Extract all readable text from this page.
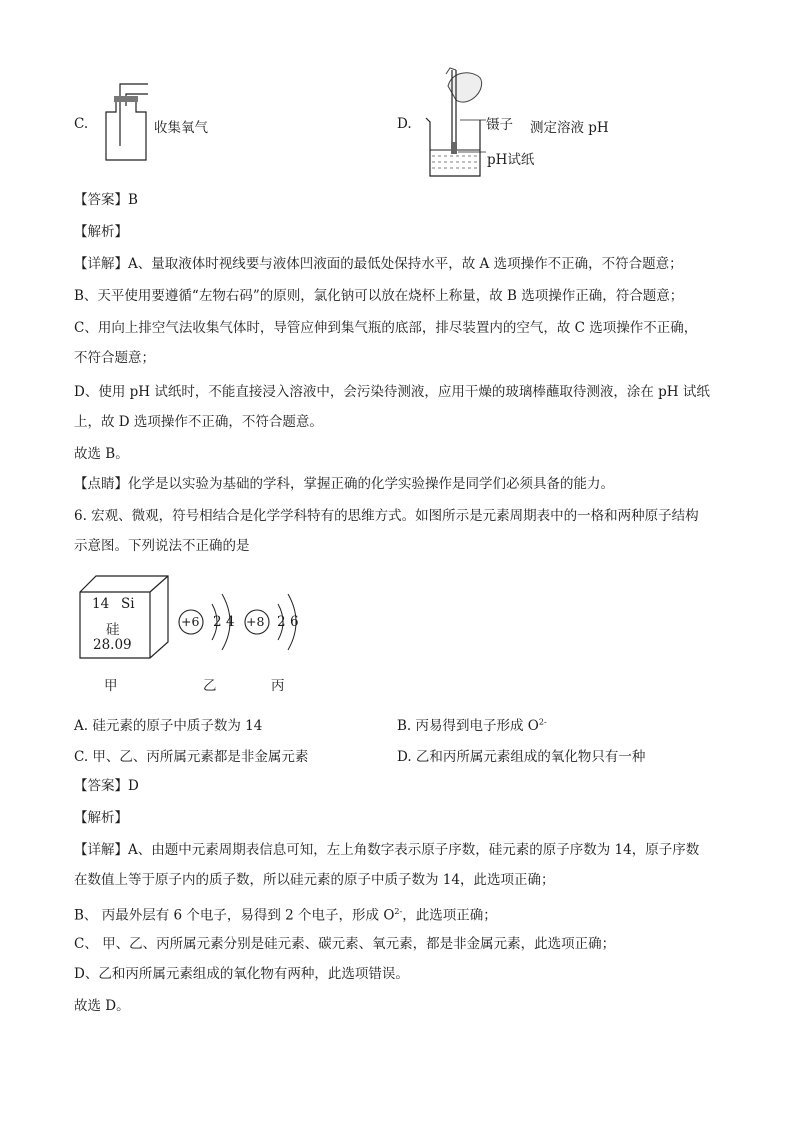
C.	收集氧气	D.	镊子 测定溶液 pH
pH试纸
【答案】B
【解析】
【详解】A、量取液体时视线要与液体凹液面的最低处保持水平，故 A 选项操作不正确，不符合题意；
B、天平使用要遵循“左物右码”的原则，氯化钠可以放在烧杯上称量，故 B 选项操作正确，符合题意；
C、用向上排空气法收集气体时，导管应伸到集气瓶的底部，排尽装置内的空气，故 C 选项操作不正确，
不符合题意；
D、使用 pH 试纸时，不能直接浸入溶液中，会污染待测液，应用干燥的玻璃棒蘸取待测液，涂在 pH 试纸
上，故 D 选项操作不正确，不符合题意。
故选 B。
【点睛】化学是以实验为基础的学科，掌握正确的化学实验操作是同学们必须具备的能力。
6. 宏观、微观，符号相结合是化学学科特有的思维方式。如图所示是元素周期表中的一格和两种原子结构
示意图。下列说法不正确的是
14 Si
硅
28.09
+6 2 4 +8 2 6
甲	乙	丙
A. 硅元素的原子中质子数为 14	B. 丙易得到电子形成 $O^{2-}$
C. 甲、乙、丙所属元素都是非金属元素	D. 乙和丙所属元素组成的氧化物只有一种
【答案】D
【解析】
【详解】A、由题中元素周期表信息可知，左上角数字表示原子序数，硅元素的原子序数为 14，原子序数
在数值上等于原子内的质子数，所以硅元素的原子中质子数为 14，此选项正确；
B、 丙最外层有 6 个电子，易得到 2 个电子，形成 $O^{2-}$，此选项正确；
C、 甲、乙、丙所属元素分别是硅元素、碳元素、氧元素，都是非金属元素，此选项正确；
D、乙和丙所属元素组成的氧化物有两种，此选项错误。
故选 D。
